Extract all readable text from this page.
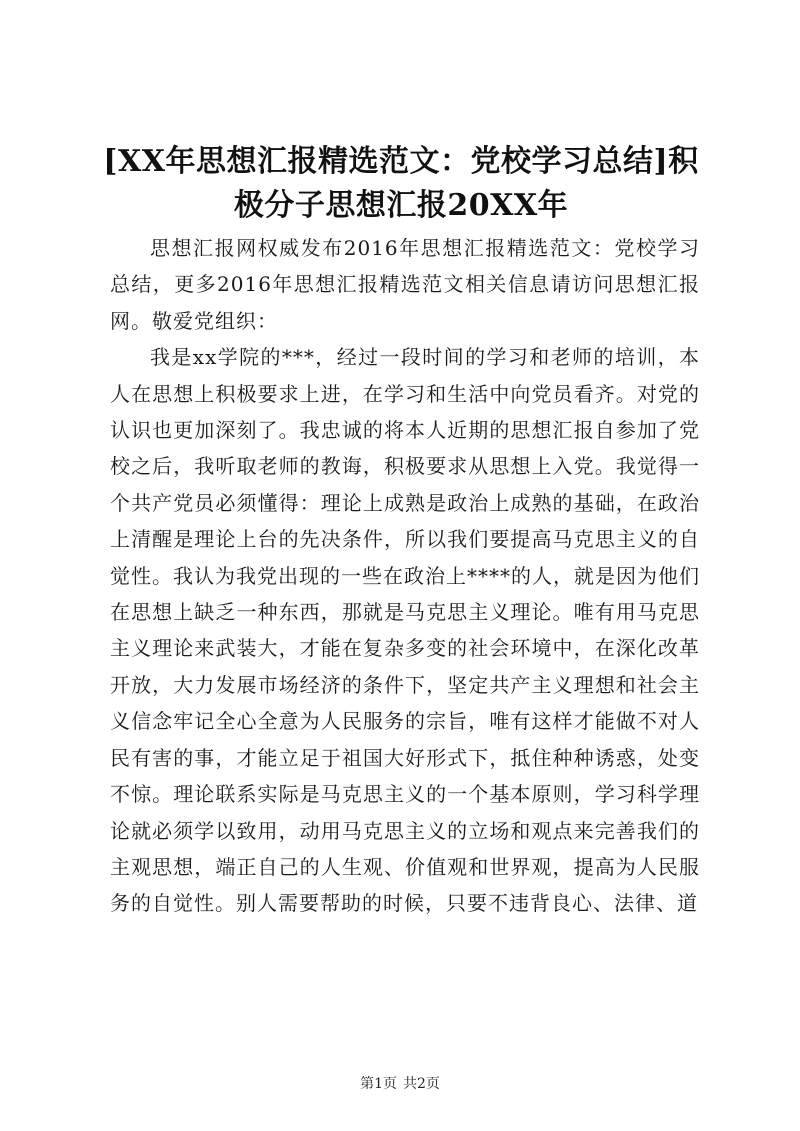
[XX年思想汇报精选范文：党校学习总结]积极分子思想汇报20XX年

思想汇报网权威发布2016年思想汇报精选范文：党校学习总结，更多2016年思想汇报精选范文相关信息请访问思想汇报网。敬爱党组织：

我是xx学院的***，经过一段时间的学习和老师的培训，本人在思想上积极要求上进，在学习和生活中向党员看齐。对党的认识也更加深刻了。我忠诚的将本人近期的思想汇报自参加了党校之后，我听取老师的教诲，积极要求从思想上入党。我觉得一个共产党员必须懂得：理论上成熟是政治上成熟的基础，在政治上清醒是理论上台的先决条件，所以我们要提高马克思主义的自觉性。我认为我党出现的一些在政治上****的人，就是因为他们在思想上缺乏一种东西，那就是马克思主义理论。唯有用马克思主义理论来武装大，才能在复杂多变的社会环境中，在深化改革开放，大力发展市场经济的条件下，坚定共产主义理想和社会主义信念牢记全心全意为人民服务的宗旨，唯有这样才能做不对人民有害的事，才能立足于祖国大好形式下，抵住种种诱惑，处变不惊。理论联系实际是马克思主义的一个基本原则，学习科学理论就必须学以致用，动用马克思主义的立场和观点来完善我们的主观思想，端正自己的人生观、价值观和世界观，提高为人民服务的自觉性。别人需要帮助的时候，只要不违背良心、法律、道

第1页 共2页
